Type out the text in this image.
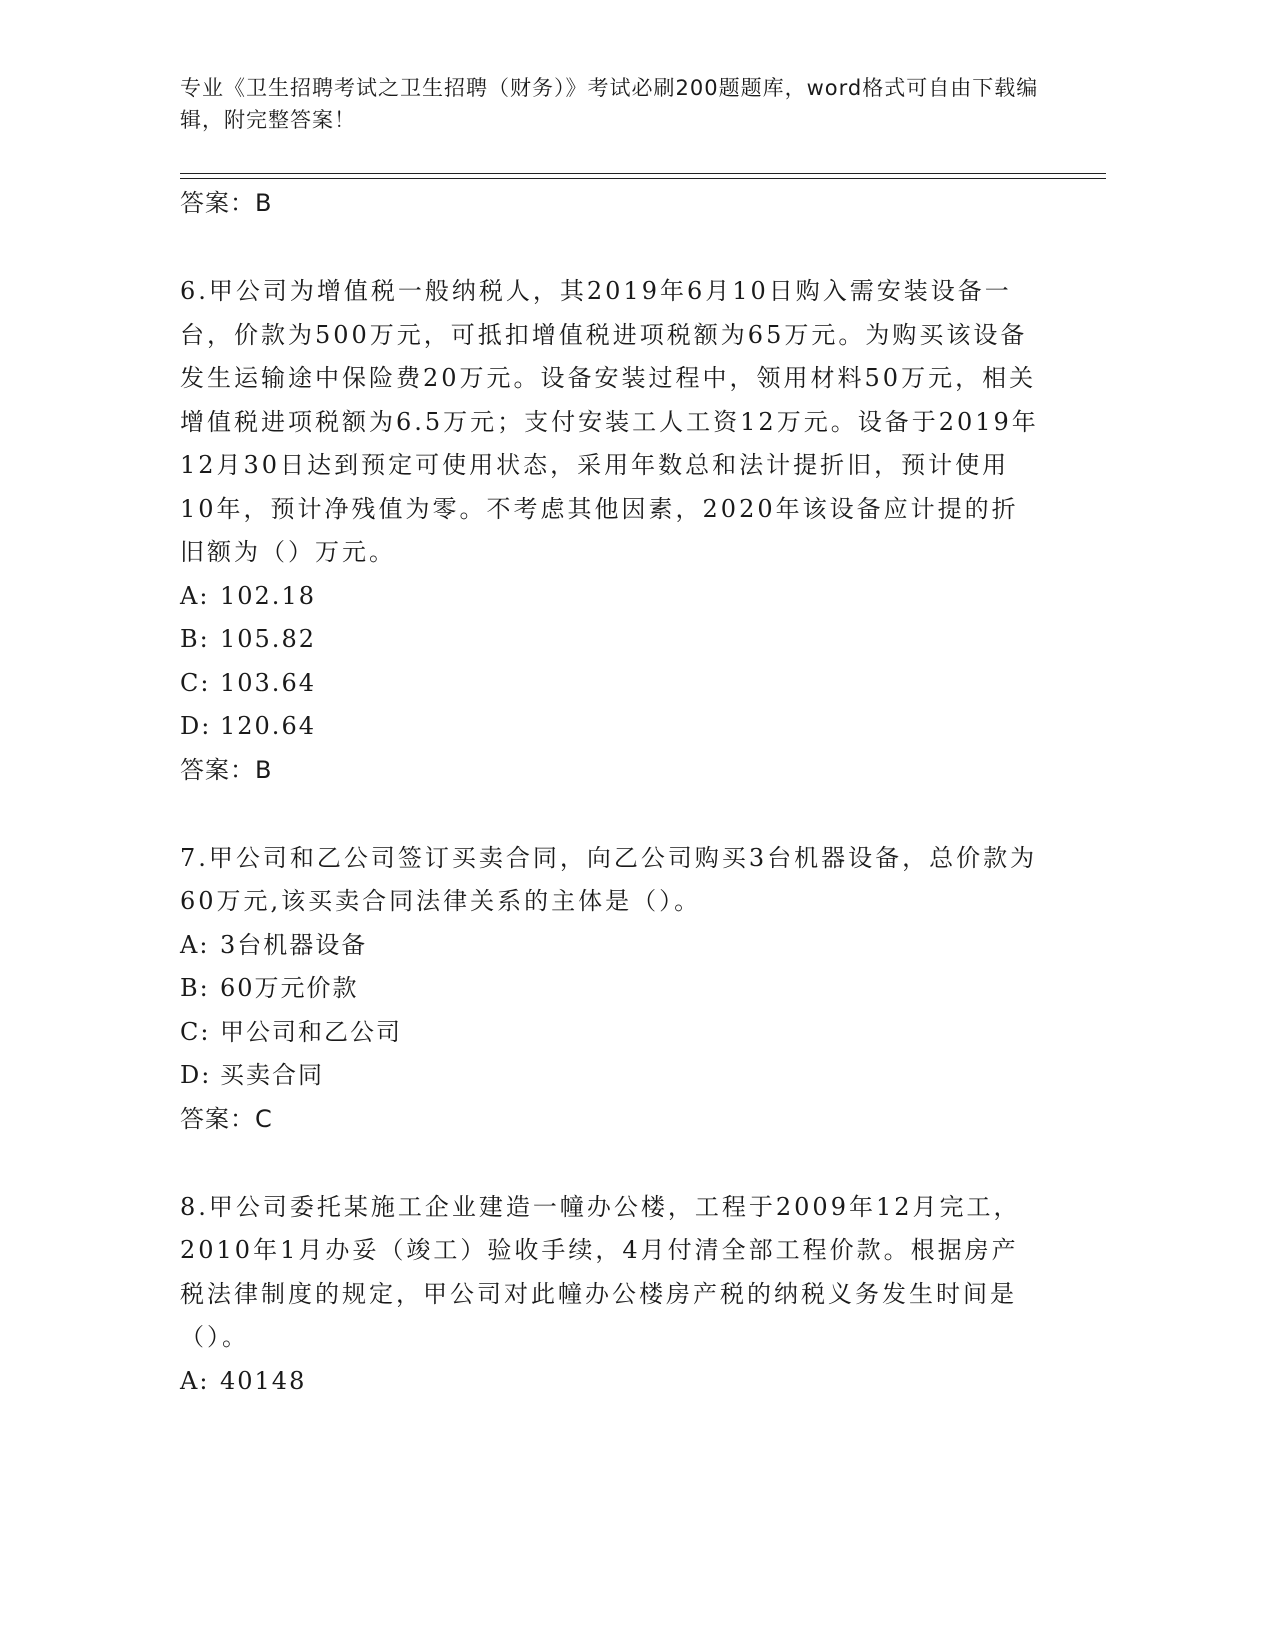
专业《卫生招聘考试之卫生招聘（财务）》考试必刷200题题库，word格式可自由下载编辑，附完整答案！
答案：B
6.甲公司为增值税一般纳税人，其2019年6月10日购入需安装设备一台，价款为500万元，可抵扣增值税进项税额为65万元。为购买该设备发生运输途中保险费20万元。设备安装过程中，领用材料50万元，相关增值税进项税额为6.5万元；支付安装工人工资12万元。设备于2019年12月30日达到预定可使用状态，采用年数总和法计提折旧，预计使用10年，预计净残值为零。不考虑其他因素，2020年该设备应计提的折旧额为（）万元。
A: 102.18
B: 105.82
C: 103.64
D: 120.64
答案：B
7.甲公司和乙公司签订买卖合同，向乙公司购买3台机器设备，总价款为60万元,该买卖合同法律关系的主体是（）。
A: 3台机器设备
B: 60万元价款
C: 甲公司和乙公司
D: 买卖合同
答案：C
8.甲公司委托某施工企业建造一幢办公楼，工程于2009年12月完工，2010年1月办妥（竣工）验收手续，4月付清全部工程价款。根据房产税法律制度的规定，甲公司对此幢办公楼房产税的纳税义务发生时间是（）。
A: 40148
